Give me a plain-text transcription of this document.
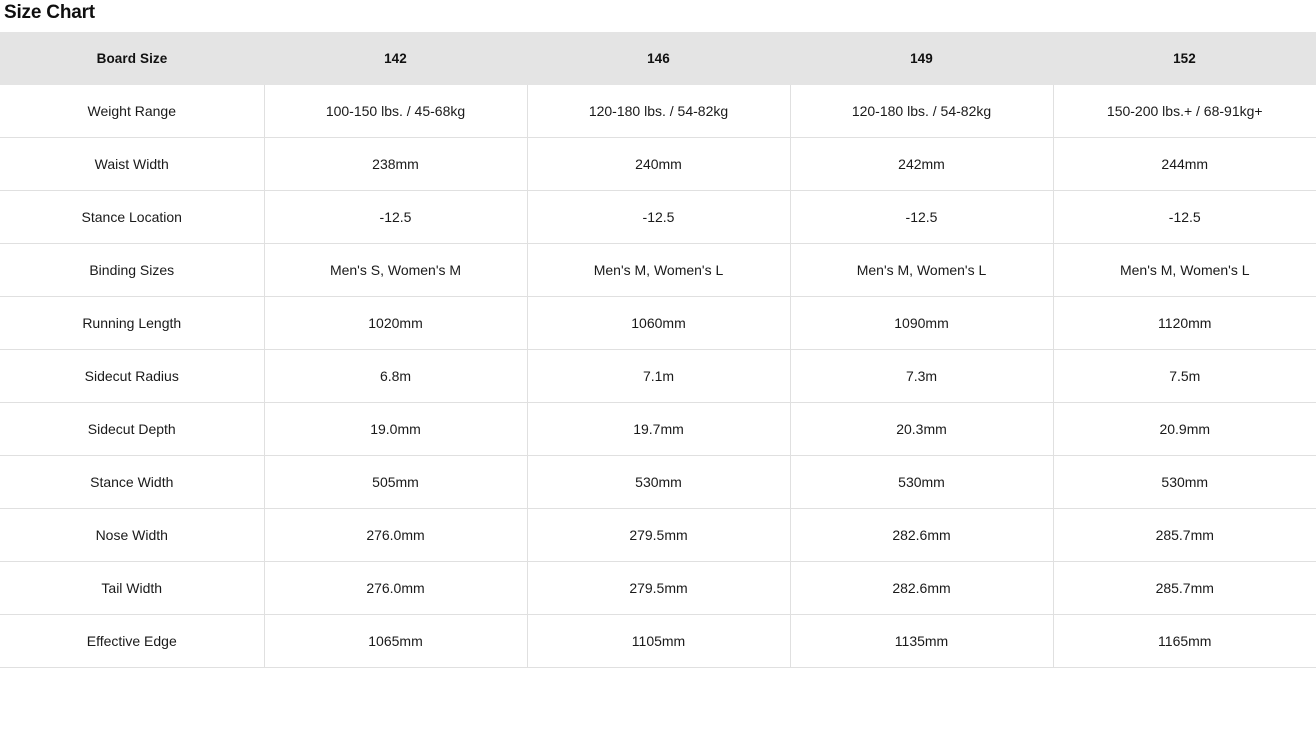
Size Chart
Board Size	142	146	149	152
Weight Range	100-150 lbs. / 45-68kg	120-180 lbs. / 54-82kg	120-180 lbs. / 54-82kg	150-200 lbs.+ / 68-91kg+
Waist Width	238mm	240mm	242mm	244mm
Stance Location	-12.5	-12.5	-12.5	-12.5
Binding Sizes	Men's S, Women's M	Men's M, Women's L	Men's M, Women's L	Men's M, Women's L
Running Length	1020mm	1060mm	1090mm	1120mm
Sidecut Radius	6.8m	7.1m	7.3m	7.5m
Sidecut Depth	19.0mm	19.7mm	20.3mm	20.9mm
Stance Width	505mm	530mm	530mm	530mm
Nose Width	276.0mm	279.5mm	282.6mm	285.7mm
Tail Width	276.0mm	279.5mm	282.6mm	285.7mm
Effective Edge	1065mm	1105mm	1135mm	1165mm
